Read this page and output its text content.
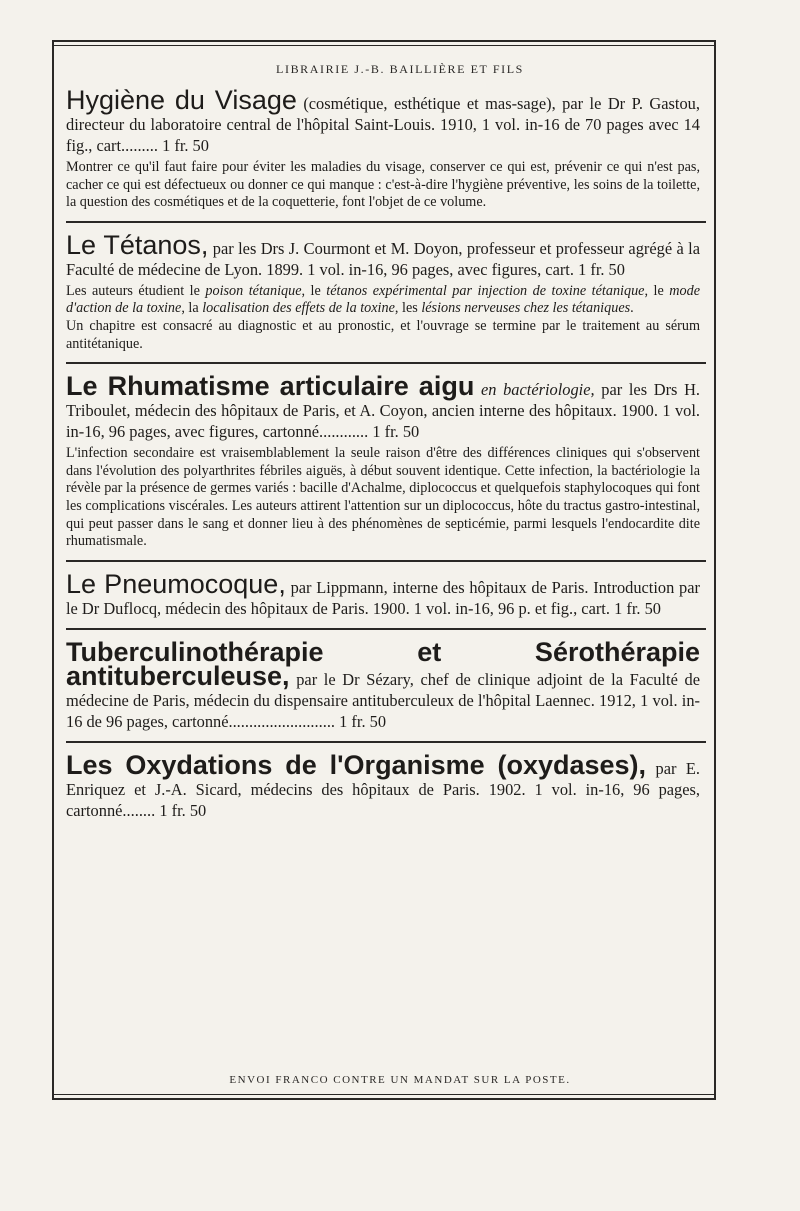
LIBRAIRIE J.-B. BAILLIÈRE ET FILS

Hygiène du Visage (cosmétique, esthétique et mas-sage), par le Dr P. Gastou, directeur du laboratoire central de l'hôpital Saint-Louis. 1910, 1 vol. in-16 de 70 pages avec 14 fig., cart......... 1 fr. 50

Montrer ce qu'il faut faire pour éviter les maladies du visage, conserver ce qui est, prévenir ce qui n'est pas, cacher ce qui est défectueux ou donner ce qui manque : c'est-à-dire l'hygiène préventive, les soins de la toilette, la question des cosmétiques et de la coquetterie, font l'objet de ce volume.

Le Tétanos, par les Drs J. Courmont et M. Doyon, professeur et professeur agrégé à la Faculté de médecine de Lyon. 1899. 1 vol. in-16, 96 pages, avec figures, cart. 1 fr. 50

Les auteurs étudient le poison tétanique, le tétanos expérimental par injection de toxine tétanique, le mode d'action de la toxine, la localisation des effets de la toxine, les lésions nerveuses chez les tétaniques.
Un chapitre est consacré au diagnostic et au pronostic, et l'ouvrage se termine par le traitement au sérum antitétanique.

Le Rhumatisme articulaire aigu en bactériologie, par les Drs H. Triboulet, médecin des hôpitaux de Paris, et A. Coyon, ancien interne des hôpitaux. 1900. 1 vol. in-16, 96 pages, avec figures, cartonné............ 1 fr. 50

L'infection secondaire est vraisemblablement la seule raison d'être des différences cliniques qui s'observent dans l'évolution des polyarthrites fébriles aiguës, à début souvent identique. Cette infection, la bactériologie la révèle par la présence de germes variés : bacille d'Achalme, diplococcus et quelquefois staphylocoques qui font les complications viscérales. Les auteurs attirent l'attention sur un diplococcus, hôte du tractus gastro-intestinal, qui peut passer dans le sang et donner lieu à des phénomènes de septicémie, parmi lesquels l'endocardite dite rhumatismale.

Le Pneumocoque, par Lippmann, interne des hôpitaux de Paris. Introduction par le Dr Duflocq, médecin des hôpitaux de Paris. 1900. 1 vol. in-16, 96 p. et fig., cart. 1 fr. 50

Tuberculinothérapie et Sérothérapie antituberculeuse, par le Dr Sézary, chef de clinique adjoint de la Faculté de médecine de Paris, médecin du dispensaire antituberculeux de l'hôpital Laennec. 1912, 1 vol. in-16 de 96 pages, cartonné.......................... 1 fr. 50

Les Oxydations de l'Organisme (oxydases), par E. Enriquez et J.-A. Sicard, médecins des hôpitaux de Paris. 1902. 1 vol. in-16, 96 pages, cartonné........ 1 fr. 50

ENVOI FRANCO CONTRE UN MANDAT SUR LA POSTE.
